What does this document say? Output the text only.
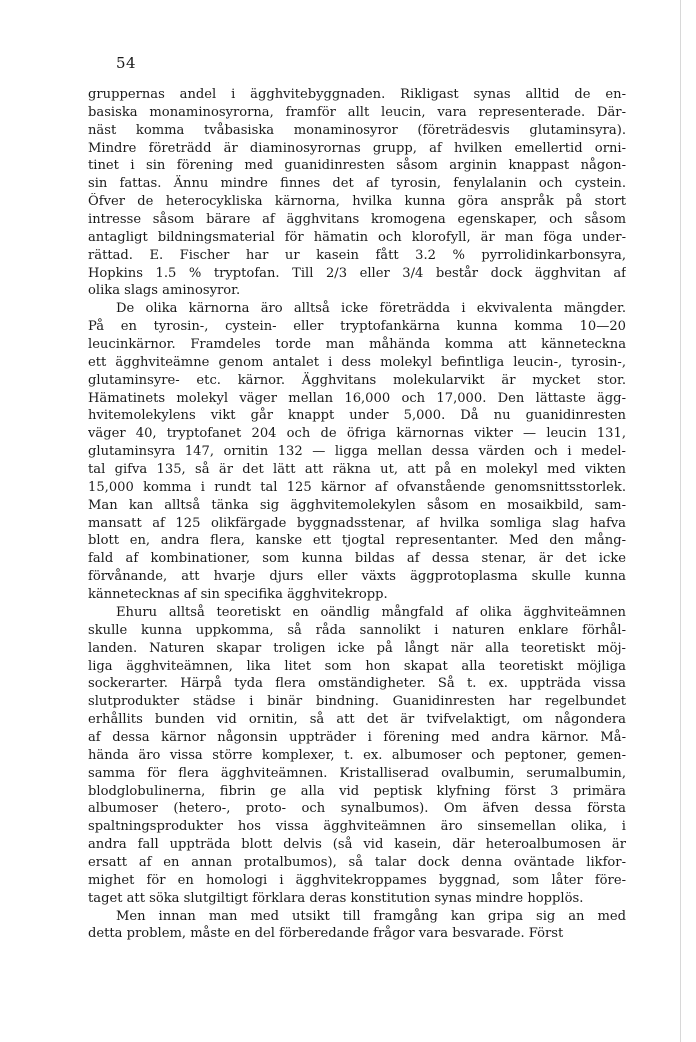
54
gruppernas andel i ägghvitebyggnaden. Rikligast synas alltid de en-
basiska monaminosyrorna, framför allt leucin, vara representerade. Där-
näst komma tvåbasiska monaminosyror (företrädesvis glutaminsyra).
Mindre företrädd är diaminosyrornas grupp, af hvilken emellertid orni-
tinet i sin förening med guanidinresten såsom arginin knappast någon-
sin fattas. Ännu mindre finnes det af tyrosin, fenylalanin och cystein.
Öfver de heterocykliska kärnorna, hvilka kunna göra anspråk på stort
intresse såsom bärare af ägghvitans kromogena egenskaper, och såsom
antagligt bildningsmaterial för hämatin och klorofyll, är man föga under-
rättad. E. Fischer har ur kasein fått 3.2 % pyrrolidinkarbonsyra,
Hopkins 1.5 % tryptofan. Till 2/3 eller 3/4 består dock ägghvitan af
olika slags aminosyror.
De olika kärnorna äro alltså icke företrädda i ekvivalenta mängder.
På en tyrosin-, cystein- eller tryptofankärna kunna komma 10—20
leucinkärnor. Framdeles torde man måhända komma att känneteckna
ett ägghviteämne genom antalet i dess molekyl befintliga leucin-, tyrosin-,
glutaminsyre- etc. kärnor. Ägghvitans molekularvikt är mycket stor.
Hämatinets molekyl väger mellan 16,000 och 17,000. Den lättaste ägg-
hvitemolekylens vikt går knappt under 5,000. Då nu guanidinresten
väger 40, tryptofanet 204 och de öfriga kärnornas vikter — leucin 131,
glutaminsyra 147, ornitin 132 — ligga mellan dessa värden och i medel-
tal gifva 135, så är det lätt att räkna ut, att på en molekyl med vikten
15,000 komma i rundt tal 125 kärnor af ofvanstående genomsnittsstorlek.
Man kan alltså tänka sig ägghvitemolekylen såsom en mosaikbild, sam-
mansatt af 125 olikfärgade byggnadsstenar, af hvilka somliga slag hafva
blott en, andra flera, kanske ett tjogtal representanter. Med den mång-
fald af kombinationer, som kunna bildas af dessa stenar, är det icke
förvånande, att hvarje djurs eller växts äggprotoplasma skulle kunna
kännetecknas af sin specifika ägghvitekropp.
Ehuru alltså teoretiskt en oändlig mångfald af olika ägghviteämnen
skulle kunna uppkomma, så råda sannolikt i naturen enklare förhål-
landen. Naturen skapar troligen icke på långt när alla teoretiskt möj-
liga ägghviteämnen, lika litet som hon skapat alla teoretiskt möjliga
sockerarter. Härpå tyda flera omständigheter. Så t. ex. uppträda vissa
slutprodukter städse i binär bindning. Guanidinresten har regelbundet
erhållits bunden vid ornitin, så att det är tvifvelaktigt, om någondera
af dessa kärnor någonsin uppträder i förening med andra kärnor. Må-
hända äro vissa större komplexer, t. ex. albumoser och peptoner, gemen-
samma för flera ägghviteämnen. Kristalliserad ovalbumin, serumalbumin,
blodglobulinerna, fibrin ge alla vid peptisk klyfning först 3 primära
albumoser (hetero-, proto- och synalbumos). Om äfven dessa första
spaltningsprodukter hos vissa ägghviteämnen äro sinsemellan olika, i
andra fall uppträda blott delvis (så vid kasein, där heteroalbumosen är
ersatt af en annan protalbumos), så talar dock denna oväntade likfor-
mighet för en homologi i ägghvitekroppames byggnad, som låter före-
taget att söka slutgiltigt förklara deras konstitution synas mindre hopplös.
Men innan man med utsikt till framgång kan gripa sig an med
detta problem, måste en del förberedande frågor vara besvarade. Först
